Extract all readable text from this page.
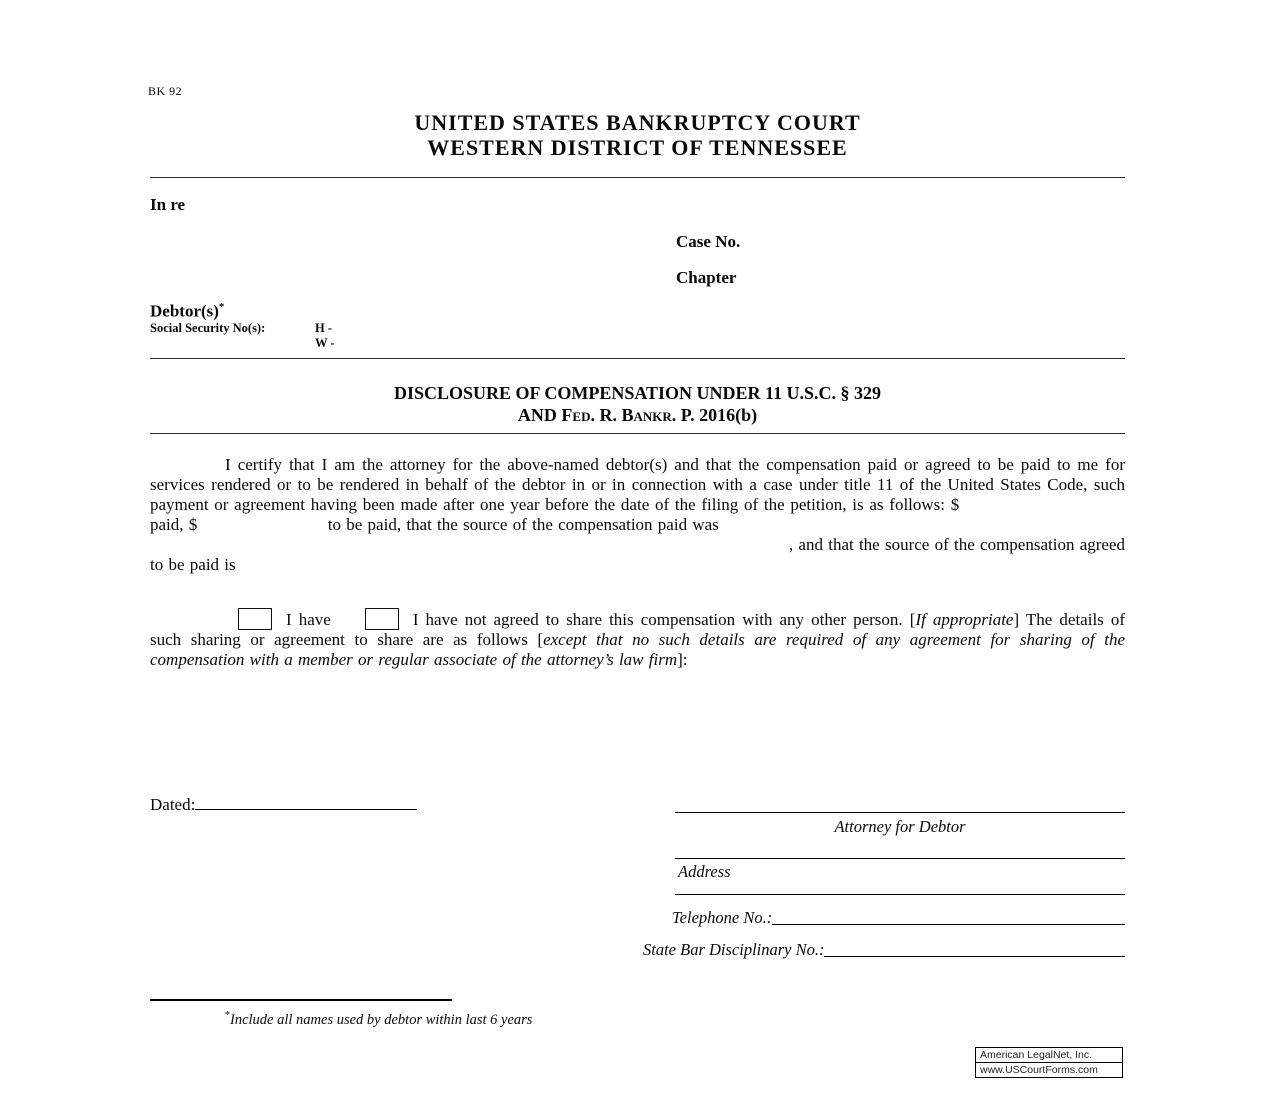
BK 92
UNITED STATES BANKRUPTCY COURT
WESTERN DISTRICT OF TENNESSEE
In re
Case No.
Chapter
Debtor(s)*
Social Security No(s):	H -
W -
DISCLOSURE OF COMPENSATION UNDER 11 U.S.C. § 329
AND Fed. R. Bankr. P. 2016(b)

I certify that I am the attorney for the above-named debtor(s) and that the compensation paid or agreed to be paid to me for services rendered or to be rendered in behalf of the debtor in or in connection with a case under title 11 of the United States Code, such payment or agreement having been made after one year before the date of the filing of the petition, is as follows: $  paid, $	to be paid, that the source of the compensation paid was

, and that the source of the compensation agreed
to be paid is
I have	I have not agreed to share this compensation with any other person. [If appropriate] The details of such sharing or agreement to share are as follows [except that no such details are required of any agreement for sharing of the compensation with a member or regular associate of the attorney’s law firm]:
Dated:
Attorney for Debtor
Address
Telephone No.:
State Bar Disciplinary No.:
*Include all names used by debtor within last 6 years
American LegalNet, Inc.
www.USCourtForms.com
